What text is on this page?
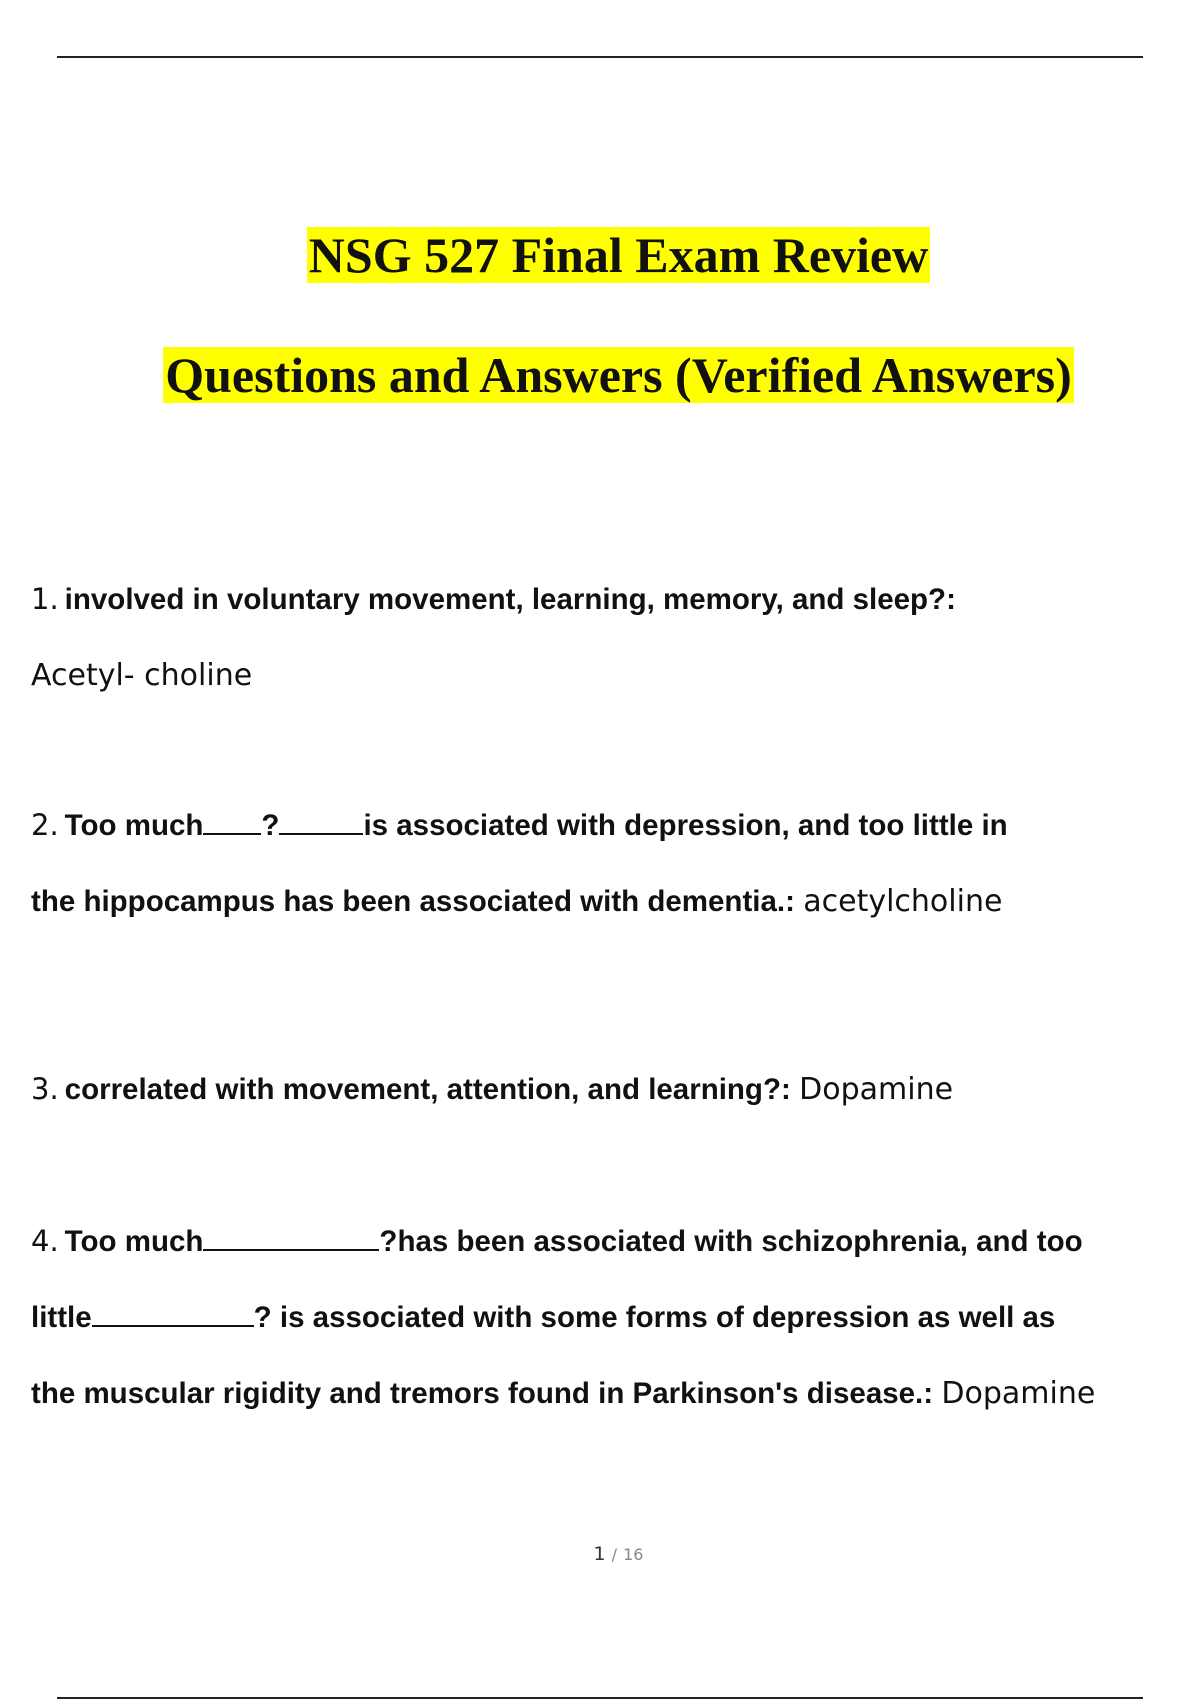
NSG 527 Final Exam Review
Questions and Answers (Verified Answers)
1. involved in voluntary movement, learning, memory, and sleep?:
Acetyl- choline
2. Too much ?	is associated with depression, and too little in
the hippocampus has been associated with dementia.: acetylcholine
3. correlated with movement, attention, and learning?: Dopamine
4. Too much	?has been associated with schizophrenia, and too
little	? is associated with some forms of depression as well as
the muscular rigidity and tremors found in Parkinson's disease.: Dopamine
1 / 16
